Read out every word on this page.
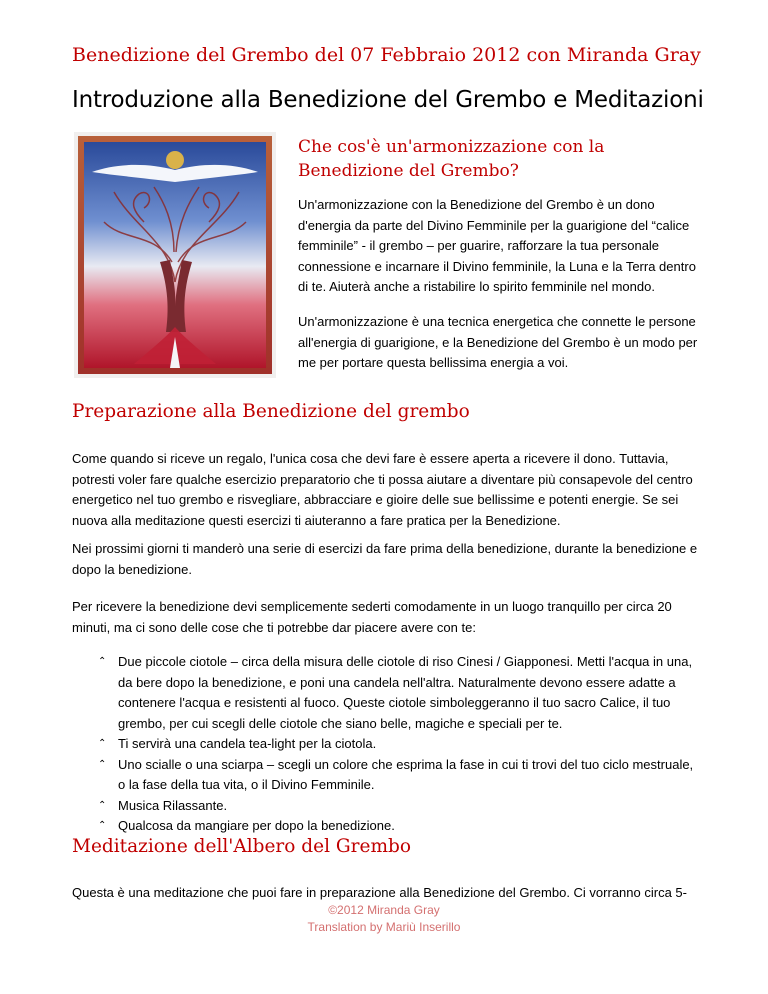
Benedizione del Grembo del 07 Febbraio 2012 con Miranda Gray
Introduzione alla Benedizione del Grembo e Meditazioni
Che cos'è un'armonizzazione con la Benedizione del Grembo?

Un'armonizzazione con la Benedizione del Grembo è un dono d'energia da parte del Divino Femminile per la guarigione del “calice femminile” - il grembo – per guarire, rafforzare la tua personale connessione e incarnare il Divino femminile, la Luna e la Terra dentro di te. Aiuterà anche a ristabilire lo spirito femminile nel mondo.

Un'armonizzazione è una tecnica energetica che connette le persone all'energia di guarigione, e la Benedizione del Grembo è un modo per me per portare questa bellissima energia a voi.

Preparazione alla Benedizione del grembo

Come quando si riceve un regalo, l'unica cosa che devi fare è essere aperta a ricevere il dono. Tuttavia, potresti voler fare qualche esercizio preparatorio che ti possa aiutare a diventare più consapevole del centro energetico nel tuo grembo e risvegliare, abbracciare e gioire delle sue bellissime e potenti energie. Se sei nuova alla meditazione questi esercizi ti aiuteranno a fare pratica per la Benedizione.

Nei prossimi giorni ti manderò una serie di esercizi da fare prima della benedizione, durante la benedizione e dopo la benedizione.

Per ricevere la benedizione devi semplicemente sederti comodamente in un luogo tranquillo per circa 20 minuti, ma ci sono delle cose che ti potrebbe dar piacere avere con te:

⌃ Due piccole ciotole – circa della misura delle ciotole di riso Cinesi / Giapponesi. Metti l'acqua in una, da bere dopo la benedizione, e poni una candela nell'altra. Naturalmente devono essere adatte a contenere l'acqua e resistenti al fuoco. Queste ciotole simboleggeranno il tuo sacro Calice, il tuo grembo, per cui scegli delle ciotole che siano belle, magiche e speciali per te.
⌃ Ti servirà una candela tea-light per la ciotola.
⌃ Uno scialle o una sciarpa – scegli un colore che esprima la fase in cui ti trovi del tuo ciclo mestruale, o la fase della tua vita, o il Divino Femminile.
⌃ Musica Rilassante.
⌃ Qualcosa da mangiare per dopo la benedizione.
Meditazione dell'Albero del Grembo

Questa è una meditazione che puoi fare in preparazione alla Benedizione del Grembo. Ci vorranno circa 5-

©2012 Miranda Gray
Translation by Mariù Inserillo
